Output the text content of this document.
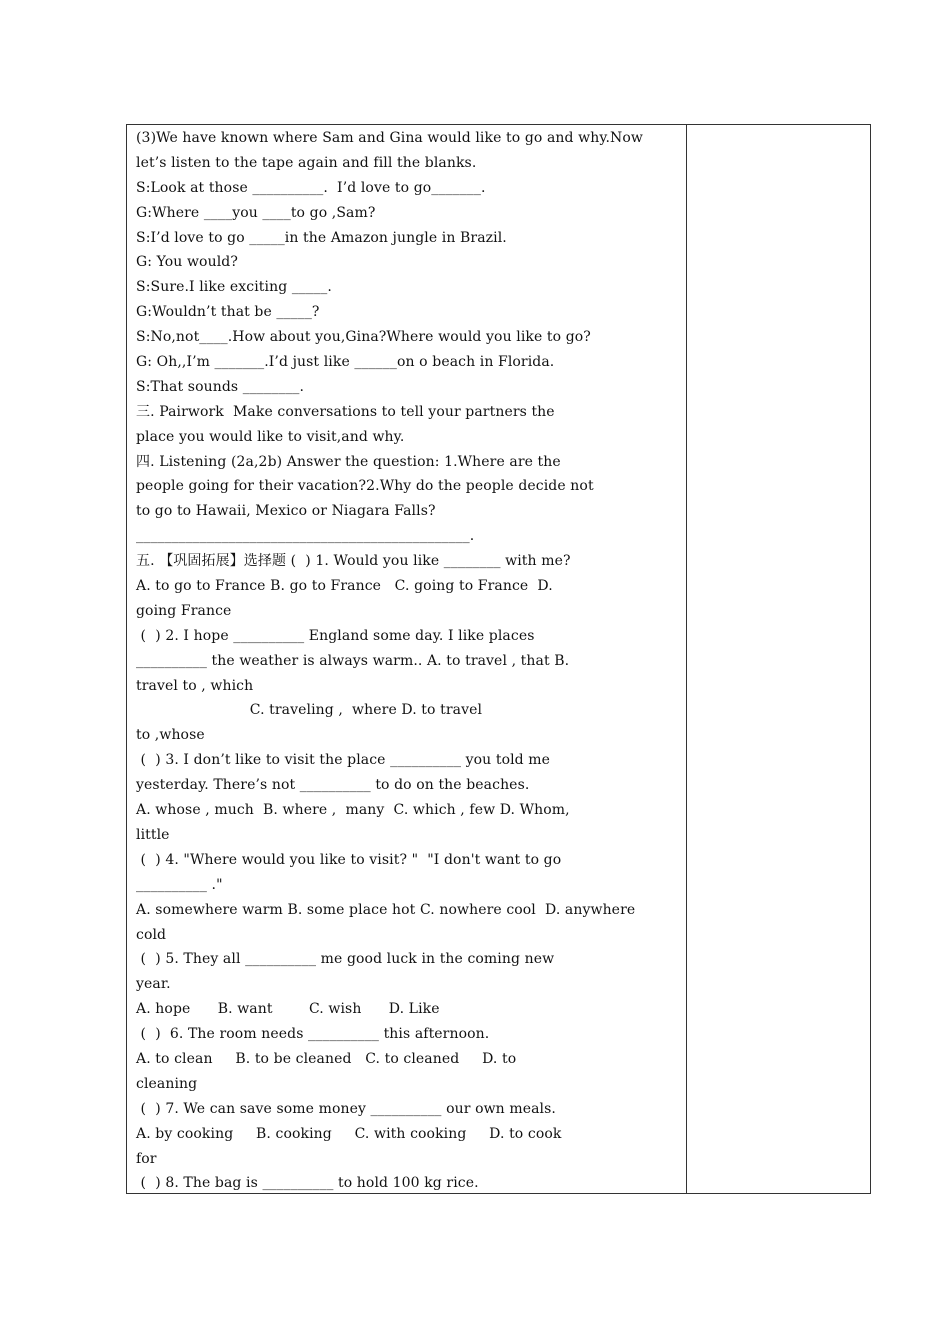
(3)We have known where Sam and Gina would like to go and why.Now
let’s listen to the tape again and fill the blanks.
S:Look at those __________.  I’d love to go_______.
G:Where ____you ____to go ,Sam?
S:I’d love to go _____in the Amazon jungle in Brazil.
G: You would?
S:Sure.I like exciting _____.
G:Wouldn’t that be _____?
S:No,not____.How about you,Gina?Where would you like to go?
G: Oh,,I’m _______.I’d just like ______on o beach in Florida.
S:That sounds ________.
三. Pairwork  Make conversations to tell your partners the
place you would like to visit,and why.
四. Listening (2a,2b) Answer the question: 1.Where are the
people going for their vacation?2.Why do the people decide not
to go to Hawaii, Mexico or Niagara Falls?
_______________________________________________.
五. 【巩固拓展】选择题 (  ) 1. Would you like ________ with me?
A. to go to France B. go to France   C. going to France  D.
going France
(  ) 2. I hope __________ England some day. I like places
__________ the weather is always warm.. A. to travel , that B.
travel to , which
C. traveling ,  where D. to travel
to ,whose
(  ) 3. I don’t like to visit the place __________ you told me
yesterday. There’s not __________ to do on the beaches.
A. whose , much  B. where ,  many  C. which , few D. Whom,
little
(  ) 4. "Where would you like to visit? "  "I don't want to go
__________ ."
A. somewhere warm B. some place hot C. nowhere cool  D. anywhere
cold
(  ) 5. They all __________ me good luck in the coming new
year.
A. hope      B. want        C. wish      D. Like
(  )  6. The room needs __________ this afternoon.
A. to clean     B. to be cleaned   C. to cleaned     D. to
cleaning
(  ) 7. We can save some money __________ our own meals.
A. by cooking     B. cooking     C. with cooking     D. to cook
for
(  ) 8. The bag is __________ to hold 100 kg rice.
